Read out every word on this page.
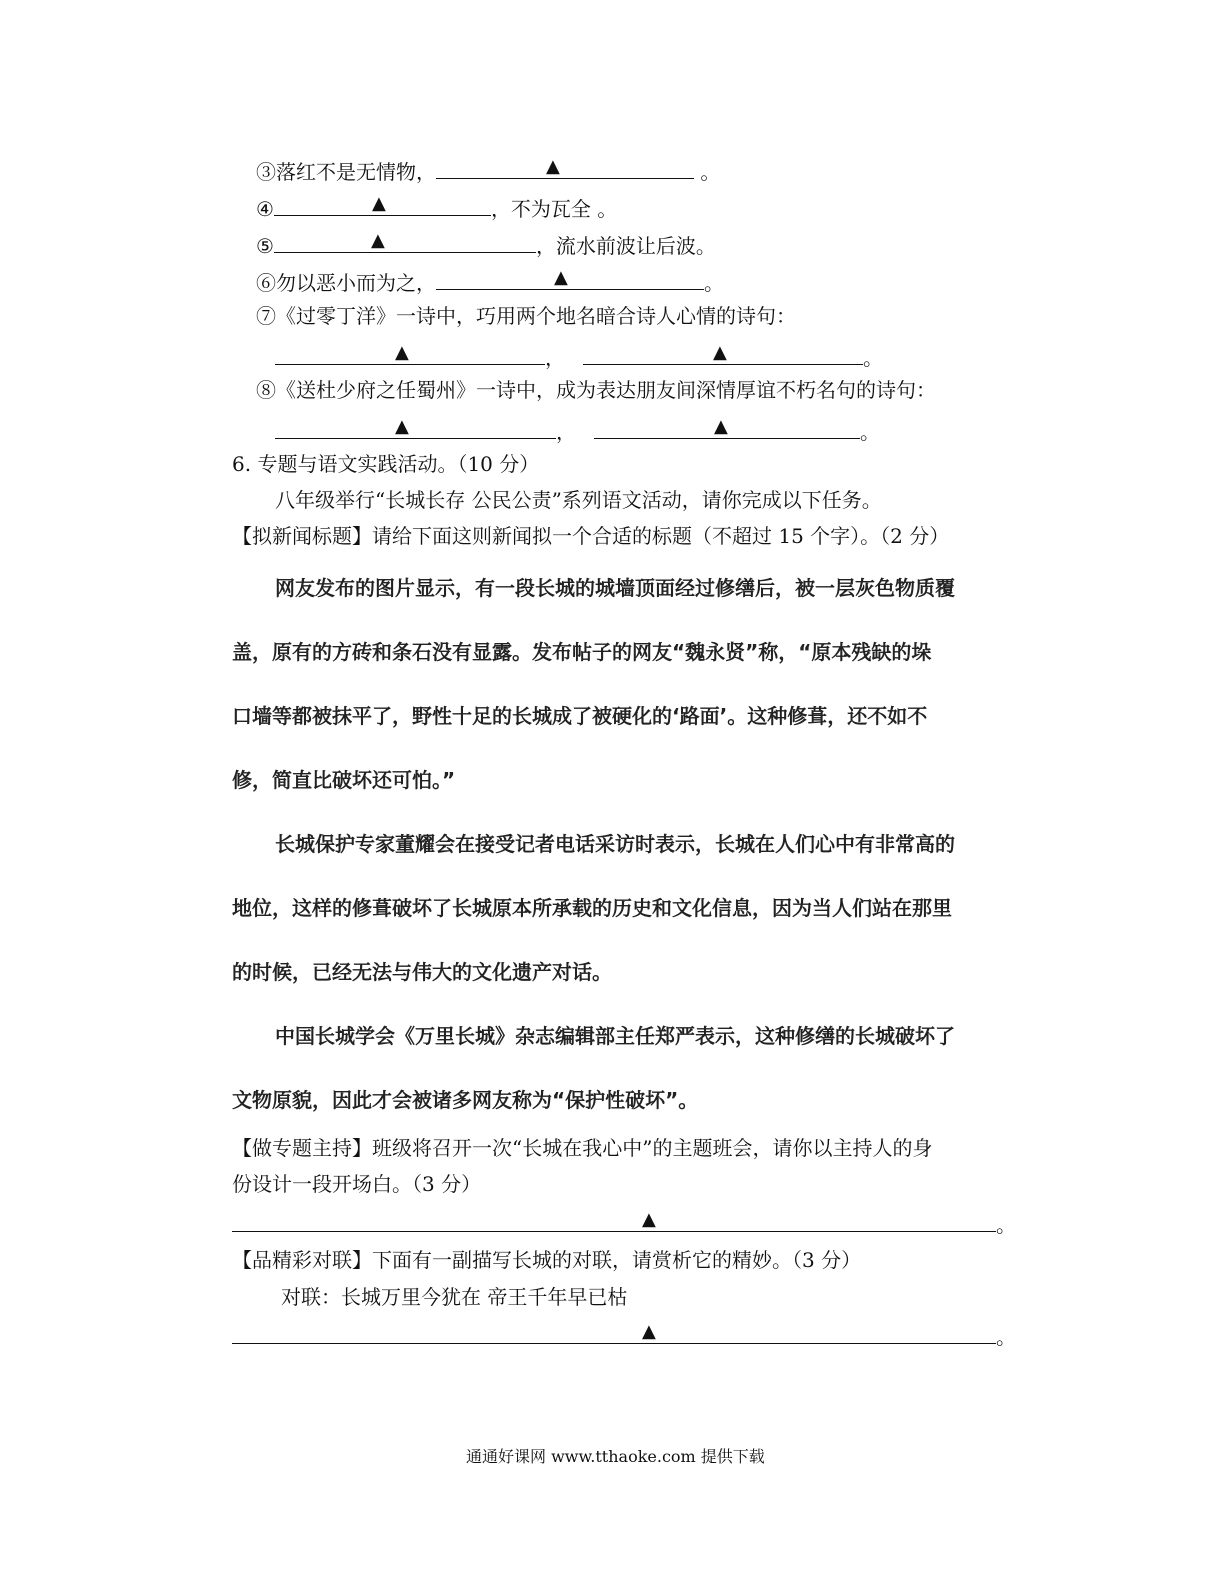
③落红不是无情物，	▲	。
④	▲	，不为瓦全 。
⑤	▲	，流水前波让后波。
⑥勿以恶小而为之，	▲	。
⑦《过零丁洋》一诗中，巧用两个地名暗合诗人心情的诗句：
▲	，	▲	。
⑧《送杜少府之任蜀州》一诗中，成为表达朋友间深情厚谊不朽名句的诗句：
▲	，	▲	。
6. 专题与语文实践活动。（10 分）
八年级举行“长城长存 公民公责”系列语文活动，请你完成以下任务。
【拟新闻标题】请给下面这则新闻拟一个合适的标题（不超过 15 个字）。（2 分）
网友发布的图片显示，有一段长城的城墙顶面经过修缮后，被一层灰色物质覆
盖，原有的方砖和条石没有显露。发布帖子的网友“魏永贤”称，“原本残缺的垛
口墙等都被抹平了，野性十足的长城成了被硬化的‘路面’。这种修葺，还不如不
修，简直比破坏还可怕。”
长城保护专家董耀会在接受记者电话采访时表示，长城在人们心中有非常高的
地位，这样的修葺破坏了长城原本所承载的历史和文化信息，因为当人们站在那里
的时候，已经无法与伟大的文化遗产对话。
中国长城学会《万里长城》杂志编辑部主任郑严表示，这种修缮的长城破坏了
文物原貌，因此才会被诸多网友称为“保护性破坏”。
【做专题主持】班级将召开一次“长城在我心中”的主题班会，请你以主持人的身
份设计一段开场白。（3 分）
▲	。
【品精彩对联】下面有一副描写长城的对联，请赏析它的精妙。（3 分）
对联：长城万里今犹在 帝王千年早已枯
▲	。
通通好课网 www.tthaoke.com 提供下载
